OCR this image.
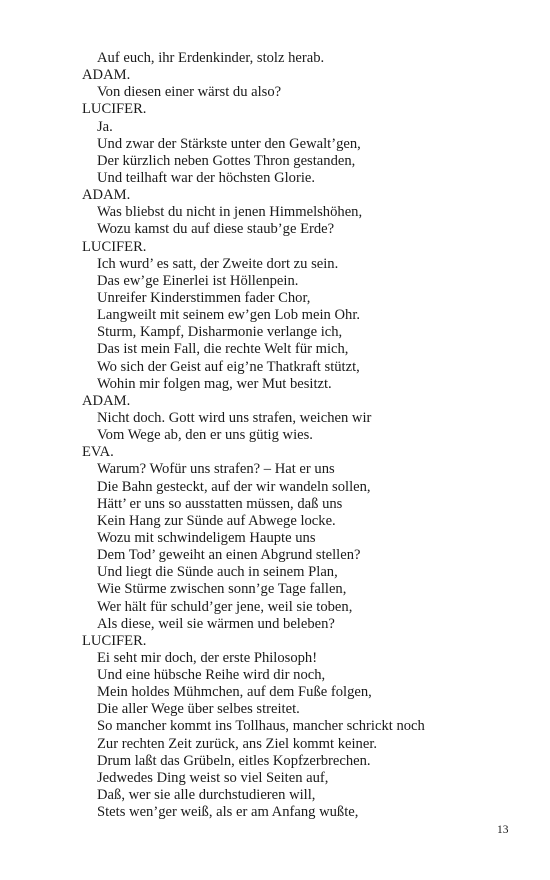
Auf euch, ihr Erdenkinder, stolz herab.
ADAM.
Von diesen einer wärst du also?
LUCIFER.
Ja.
Und zwar der Stärkste unter den Gewalt’gen,
Der kürzlich neben Gottes Thron gestanden,
Und teilhaft war der höchsten Glorie.
ADAM.
Was bliebst du nicht in jenen Himmelshöhen,
Wozu kamst du auf diese staub’ge Erde?
LUCIFER.
Ich wurd’ es satt, der Zweite dort zu sein.
Das ew’ge Einerlei ist Höllenpein.
Unreifer Kinderstimmen fader Chor,
Langweilt mit seinem ew’gen Lob mein Ohr.
Sturm, Kampf, Disharmonie verlange ich,
Das ist mein Fall, die rechte Welt für mich,
Wo sich der Geist auf eig’ne Thatkraft stützt,
Wohin mir folgen mag, wer Mut besitzt.
ADAM.
Nicht doch. Gott wird uns strafen, weichen wir
Vom Wege ab, den er uns gütig wies.
EVA.
Warum? Wofür uns strafen? – Hat er uns
Die Bahn gesteckt, auf der wir wandeln sollen,
Hätt’ er uns so ausstatten müssen, daß uns
Kein Hang zur Sünde auf Abwege locke.
Wozu mit schwindeligem Haupte uns
Dem Tod’ geweiht an einen Abgrund stellen?
Und liegt die Sünde auch in seinem Plan,
Wie Stürme zwischen sonn’ge Tage fallen,
Wer hält für schuld’ger jene, weil sie toben,
Als diese, weil sie wärmen und beleben?
LUCIFER.
Ei seht mir doch, der erste Philosoph!
Und eine hübsche Reihe wird dir noch,
Mein holdes Mühmchen, auf dem Fuße folgen,
Die aller Wege über selbes streitet.
So mancher kommt ins Tollhaus, mancher schrickt noch
Zur rechten Zeit zurück, ans Ziel kommt keiner.
Drum laßt das Grübeln, eitles Kopfzerbrechen.
Jedwedes Ding weist so viel Seiten auf,
Daß, wer sie alle durchstudieren will,
Stets wen’ger weiß, als er am Anfang wußte,
13
